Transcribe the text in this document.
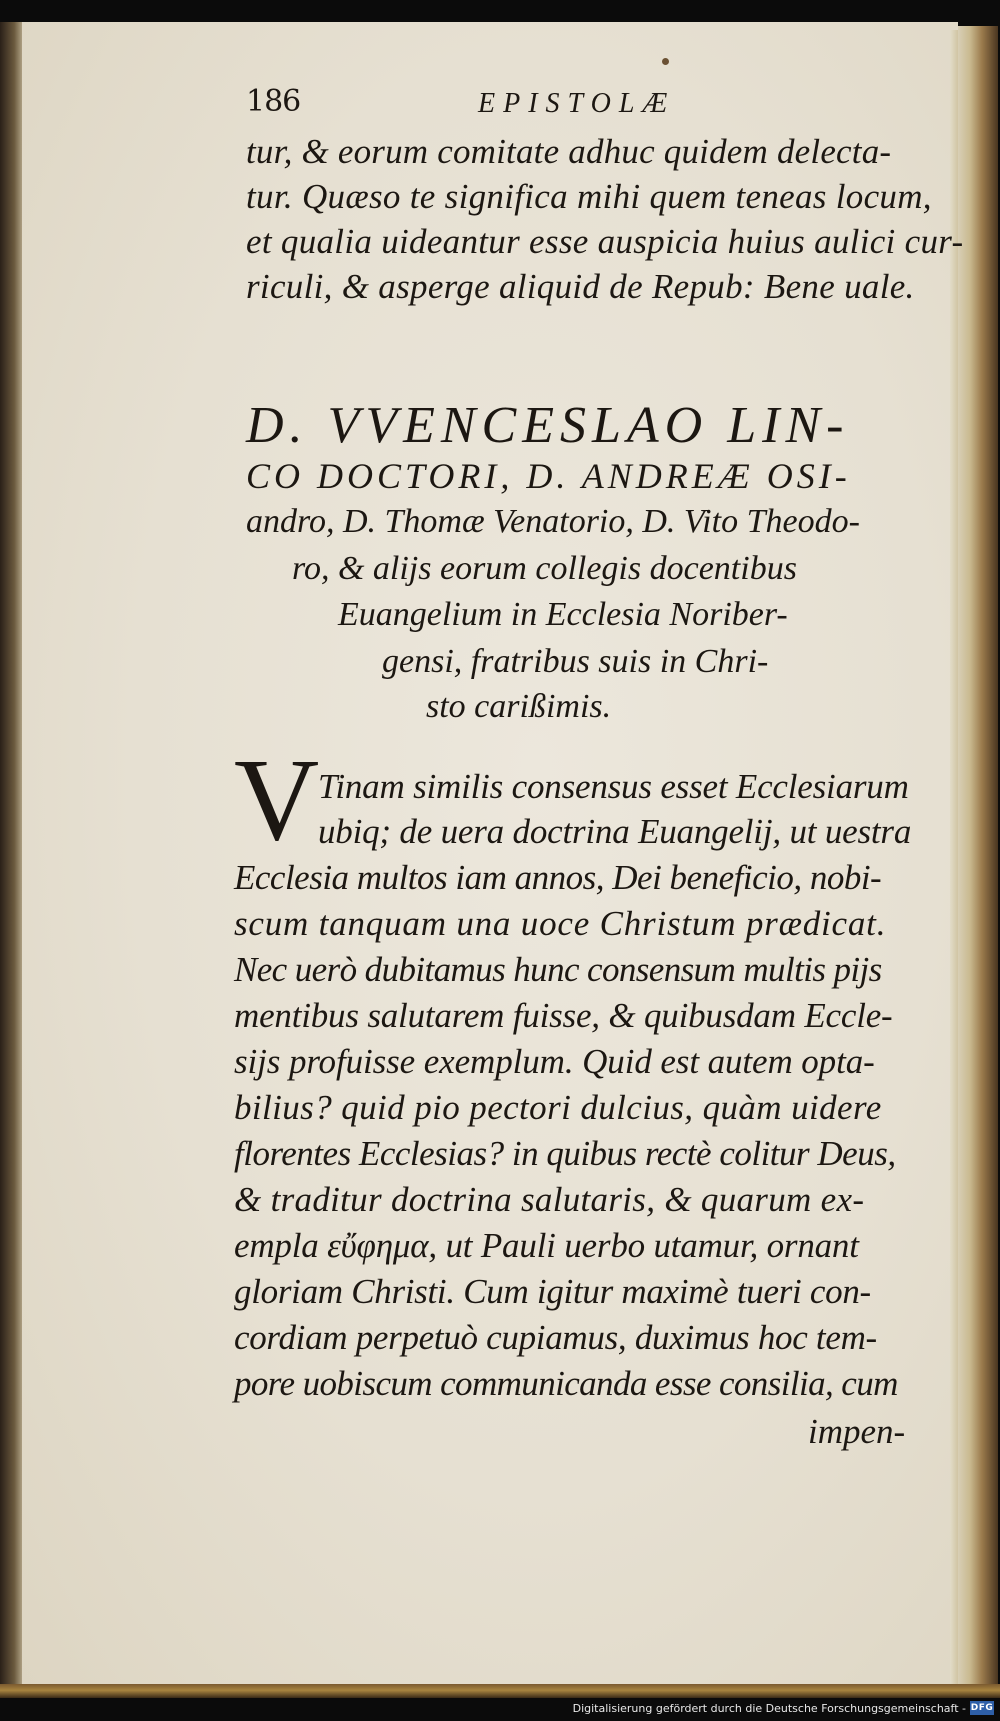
186	EPISTOLÆ
tur, & eorum comitate adhuc quidem delecta-
tur. Quæso te significa mihi quem teneas locum,
et qualia uideantur esse auspicia huius aulici cur-
riculi, & asperge aliquid de Repub: Bene uale.
D. VVENCESLAO LIN-
CO DOCTORI, D. ANDREÆ OSI-
andro, D. Thomæ Venatorio, D. Vito Theodo-
ro, & alijs eorum collegis docentibus
Euangelium in Ecclesia Noriber-
gensi, fratribus suis in Chri-
sto carißimis.
V
Tinam similis consensus esset Ecclesiarum
ubiq; de uera doctrina Euangelij, ut uestra
Ecclesia multos iam annos, Dei beneficio, nobi-
scum tanquam una uoce Christum prædicat.
Nec uerò dubitamus hunc consensum multis pijs
mentibus salutarem fuisse, & quibusdam Eccle-
sijs profuisse exemplum. Quid est autem opta-
bilius? quid pio pectori dulcius, quàm uidere
florentes Ecclesias? in quibus rectè colitur Deus,
& traditur doctrina salutaris, & quarum ex-
empla εὔφημα, ut Pauli uerbo utamur, ornant
gloriam Christi. Cum igitur maximè tueri con-
cordiam perpetuò cupiamus, duximus hoc tem-
pore uobiscum communicanda esse consilia, cum
impen-
Digitalisierung gefördert durch die Deutsche Forschungsgemeinschaft - DFG
